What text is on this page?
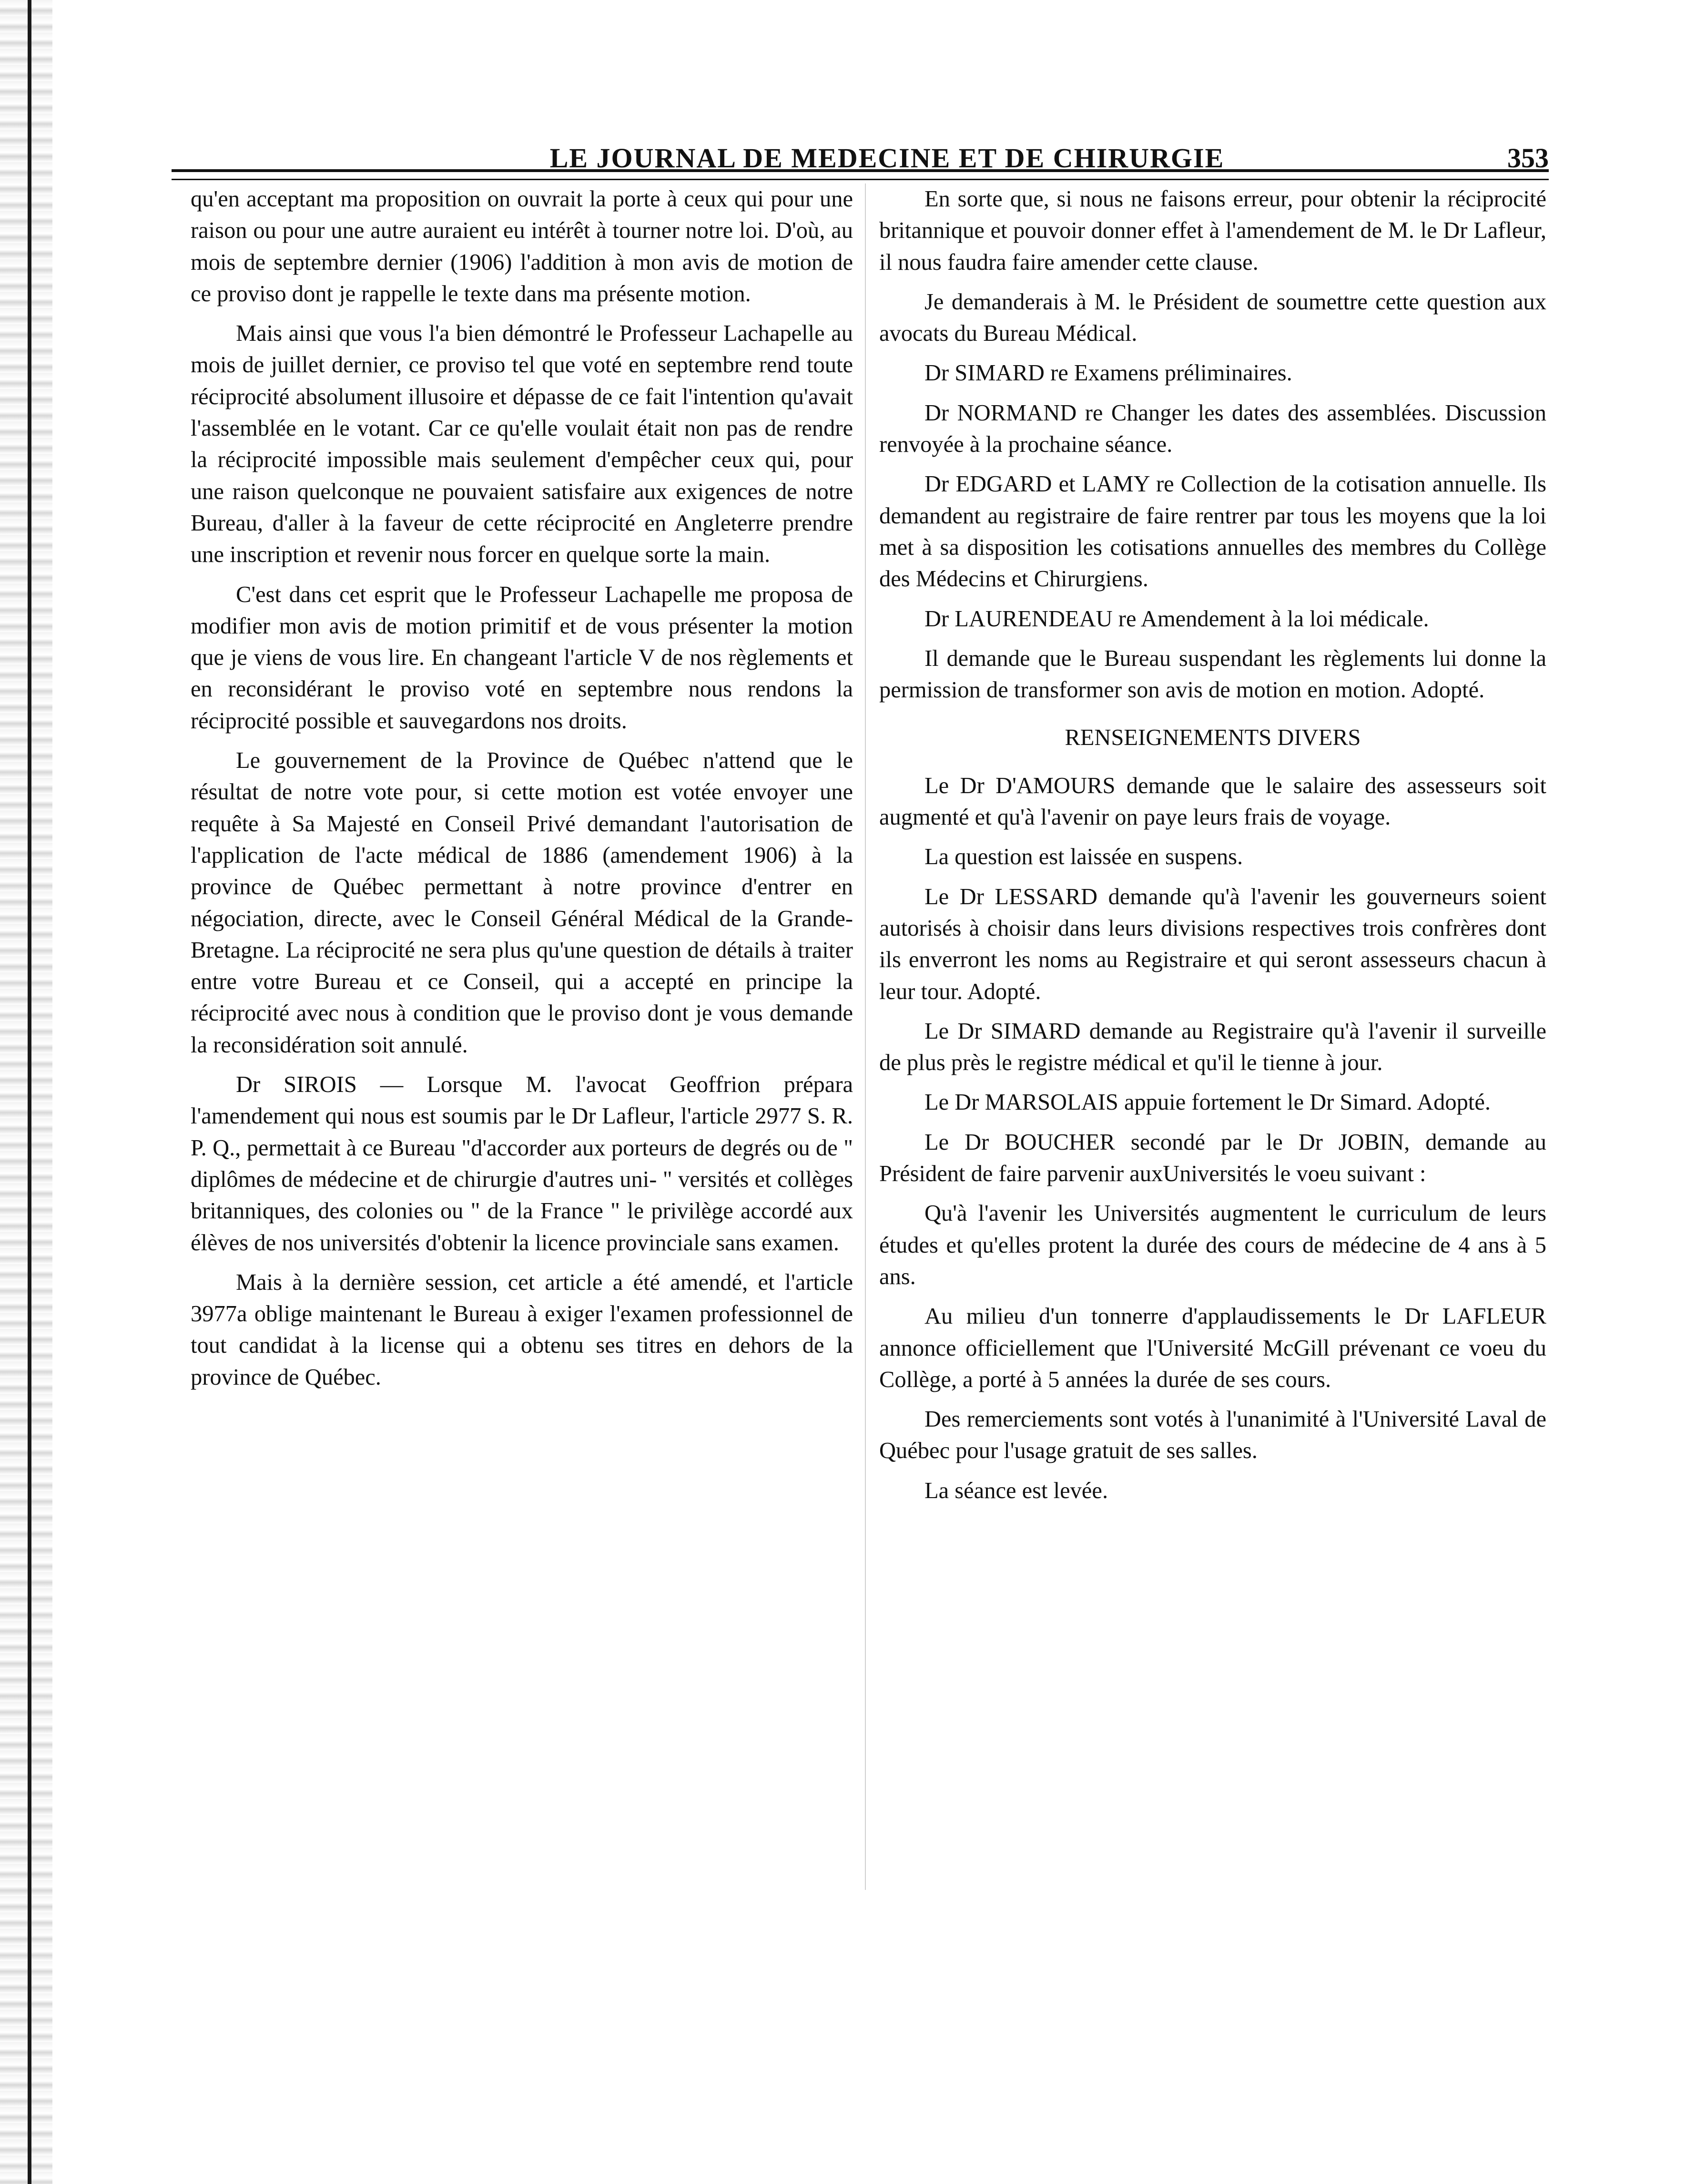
LE JOURNAL DE MEDECINE ET DE CHIRURGIE	353

qu'en acceptant ma proposition on ouvrait la porte à ceux qui pour une raison ou pour une autre auraient eu intérêt à tourner notre loi. D'où, au mois de septembre dernier (1906) l'addition à mon avis de motion de ce proviso dont je rappelle le texte dans ma présente motion.

Mais ainsi que vous l'a bien démontré le Professeur Lachapelle au mois de juillet dernier, ce proviso tel que voté en septembre rend toute réciprocité absolument illusoire et dépasse de ce fait l'intention qu'avait l'assemblée en le votant. Car ce qu'elle voulait était non pas de rendre la réciprocité impossible mais seulement d'empêcher ceux qui, pour une raison quelconque ne pouvaient satisfaire aux exigences de notre Bureau, d'aller à la faveur de cette réciprocité en Angleterre prendre une inscription et revenir nous forcer en quelque sorte la main.

C'est dans cet esprit que le Professeur Lachapelle me proposa de modifier mon avis de motion primitif et de vous présenter la motion que je viens de vous lire. En changeant l'article V de nos règlements et en reconsidérant le proviso voté en septembre nous rendons la réciprocité possible et sauvegardons nos droits.

Le gouvernement de la Province de Québec n'attend que le résultat de notre vote pour, si cette motion est votée envoyer une requête à Sa Majesté en Conseil Privé demandant l'autorisation de l'application de l'acte médical de 1886 (amendement 1906) à la province de Québec permettant à notre province d'entrer en négociation, directe, avec le Conseil Général Médical de la Grande-Bretagne. La réciprocité ne sera plus qu'une question de détails à traiter entre votre Bureau et ce Conseil, qui a accepté en principe la réciprocité avec nous à condition que le proviso dont je vous demande la reconsidération soit annulé.

Dr SIROIS — Lorsque M. l'avocat Geoffrion prépara l'amendement qui nous est soumis par le Dr Lafleur, l'article 2977 S. R. P. Q., permettait à ce Bureau "d'accorder aux porteurs de degrés ou de " diplômes de médecine et de chirurgie d'autres uni- " versités et collèges britanniques, des colonies ou " de la France " le privilège accordé aux élèves de nos universités d'obtenir la licence provinciale sans examen.

Mais à la dernière session, cet article a été amendé, et l'article 3977a oblige maintenant le Bureau à exiger l'examen professionnel de tout candidat à la license qui a obtenu ses titres en dehors de la province de Québec.

En sorte que, si nous ne faisons erreur, pour obtenir la réciprocité britannique et pouvoir donner effet à l'amendement de M. le Dr Lafleur, il nous faudra faire amender cette clause.

Je demanderais à M. le Président de soumettre cette question aux avocats du Bureau Médical.

Dr SIMARD re Examens préliminaires.

Dr NORMAND re Changer les dates des assemblées. Discussion renvoyée à la prochaine séance.

Dr EDGARD et LAMY re Collection de la cotisation annuelle. Ils demandent au registraire de faire rentrer par tous les moyens que la loi met à sa disposition les cotisations annuelles des membres du Collège des Médecins et Chirurgiens.

Dr LAURENDEAU re Amendement à la loi médicale.

Il demande que le Bureau suspendant les règlements lui donne la permission de transformer son avis de motion en motion. Adopté.

RENSEIGNEMENTS DIVERS

Le Dr D'AMOURS demande que le salaire des assesseurs soit augmenté et qu'à l'avenir on paye leurs frais de voyage.

La question est laissée en suspens.

Le Dr LESSARD demande qu'à l'avenir les gouverneurs soient autorisés à choisir dans leurs divisions respectives trois confrères dont ils enverront les noms au Registraire et qui seront assesseurs chacun à leur tour. Adopté.

Le Dr SIMARD demande au Registraire qu'à l'avenir il surveille de plus près le registre médical et qu'il le tienne à jour.

Le Dr MARSOLAIS appuie fortement le Dr Simard. Adopté.

Le Dr BOUCHER secondé par le Dr JOBIN, demande au Président de faire parvenir auxUniversités le voeu suivant :

Qu'à l'avenir les Universités augmentent le curriculum de leurs études et qu'elles protent la durée des cours de médecine de 4 ans à 5 ans.

Au milieu d'un tonnerre d'applaudissements le Dr LAFLEUR annonce officiellement que l'Université McGill prévenant ce voeu du Collège, a porté à 5 années la durée de ses cours.

Des remerciements sont votés à l'unanimité à l'Université Laval de Québec pour l'usage gratuit de ses salles.

La séance est levée.
